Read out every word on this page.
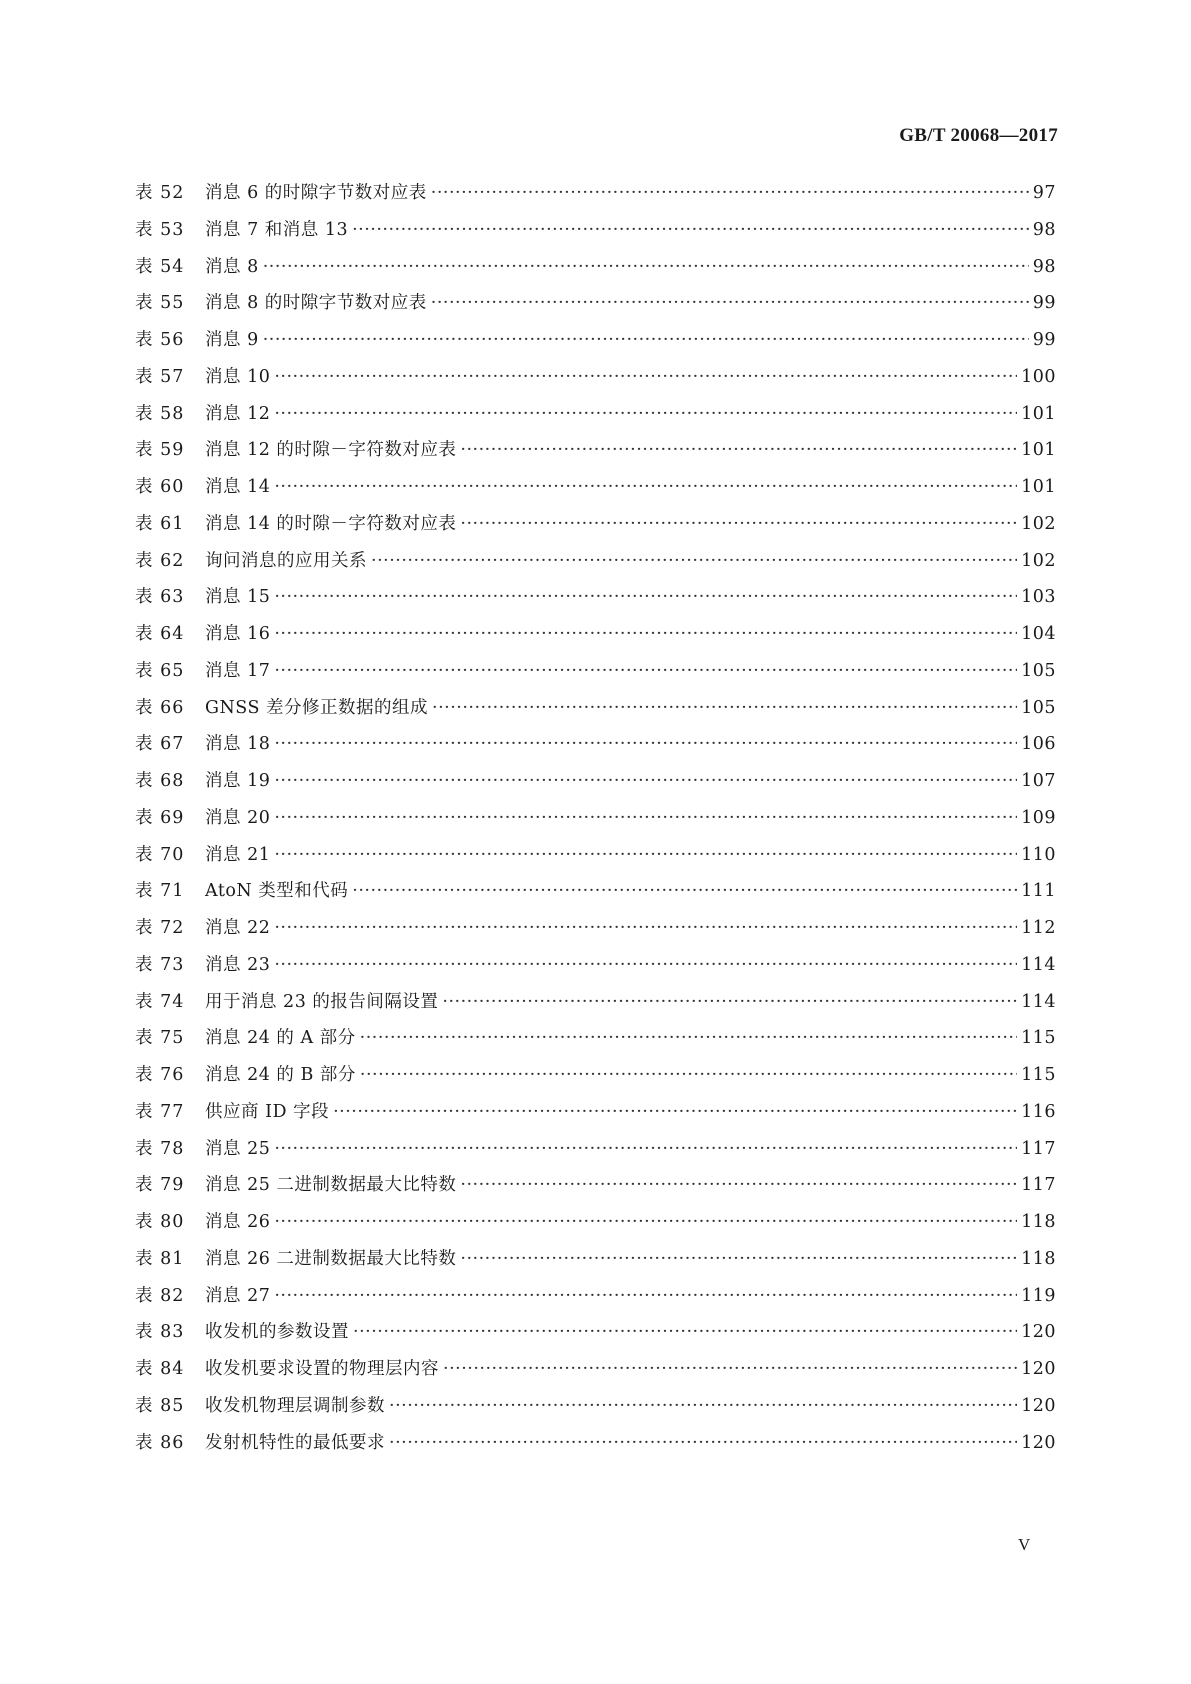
GB/T 20068—2017
表 52	消息 6 的时隙字节数对应表 ·····	97
表 53	消息 7 和消息 13 ·····	98
表 54	消息 8 ·····	98
表 55	消息 8 的时隙字节数对应表 ·····	99
表 56	消息 9 ·····	99
表 57	消息 10 ·····	100
表 58	消息 12 ·····	101
表 59	消息 12 的时隙－字符数对应表 ·····	101
表 60	消息 14 ·····	101
表 61	消息 14 的时隙－字符数对应表 ·····	102
表 62	询问消息的应用关系 ·····	102
表 63	消息 15 ·····	103
表 64	消息 16 ·····	104
表 65	消息 17 ·····	105
表 66	GNSS 差分修正数据的组成 ·····	105
表 67	消息 18 ·····	106
表 68	消息 19 ·····	107
表 69	消息 20 ·····	109
表 70	消息 21 ·····	110
表 71	AtoN 类型和代码 ·····	111
表 72	消息 22 ·····	112
表 73	消息 23 ·····	114
表 74	用于消息 23 的报告间隔设置 ·····	114
表 75	消息 24 的 A 部分 ·····	115
表 76	消息 24 的 B 部分 ·····	115
表 77	供应商 ID 字段 ·····	116
表 78	消息 25 ·····	117
表 79	消息 25 二进制数据最大比特数 ·····	117
表 80	消息 26 ·····	118
表 81	消息 26 二进制数据最大比特数 ·····	118
表 82	消息 27 ·····	119
表 83	收发机的参数设置 ·····	120
表 84	收发机要求设置的物理层内容 ·····	120
表 85	收发机物理层调制参数 ·····	120
表 86	发射机特性的最低要求 ·····	120
V
